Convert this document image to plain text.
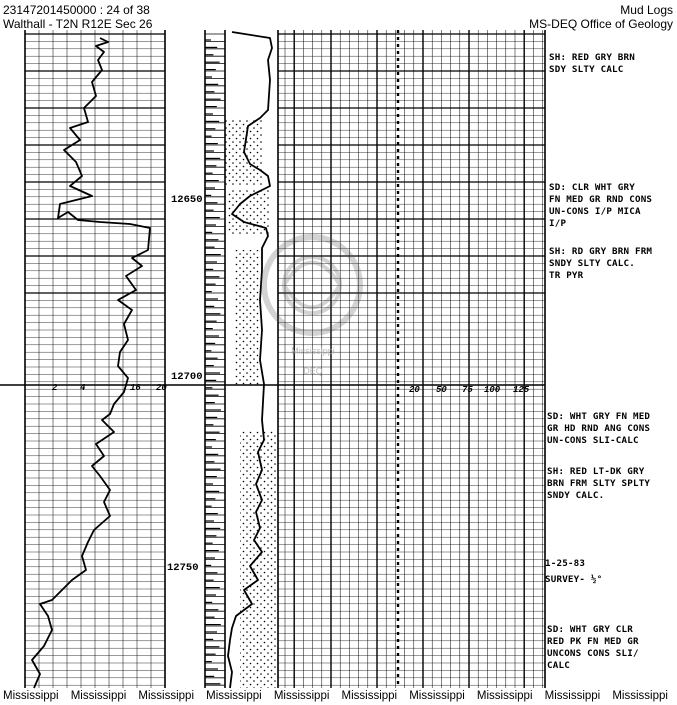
23147201450000 : 24 of 38
Walthall - T2N R12E Sec 26
Mud Logs
MS-DEQ Office of Geology
12650
12700
12750
2	4	16 20	20 50 75 100 125
SH: RED GRY BRN
SDY SLTY CALC
SD: CLR WHT GRY
FN MED GR RND CONS
UN-CONS I/P MICA
I/P
SH: RD GRY BRN FRM
SNDY SLTY CALC.
TR PYR
SD: WHT GRY FN MED
GR HD RND ANG CONS
UN-CONS SLI-CALC
SH: RED LT-DK GRY
BRN FRM SLTY SPLTY
SNDY CALC.
1-25-83
SURVEY- ½°
SD: WHT GRY CLR
RED PK FN MED GR
UNCONS CONS SLI/
CALC
Mississippi
DEQ
Mississippi	Mississippi	Mississippi	Mississippi	Mississippi	Mississippi	Mississippi	Mississippi	Mississippi	Mississippi
